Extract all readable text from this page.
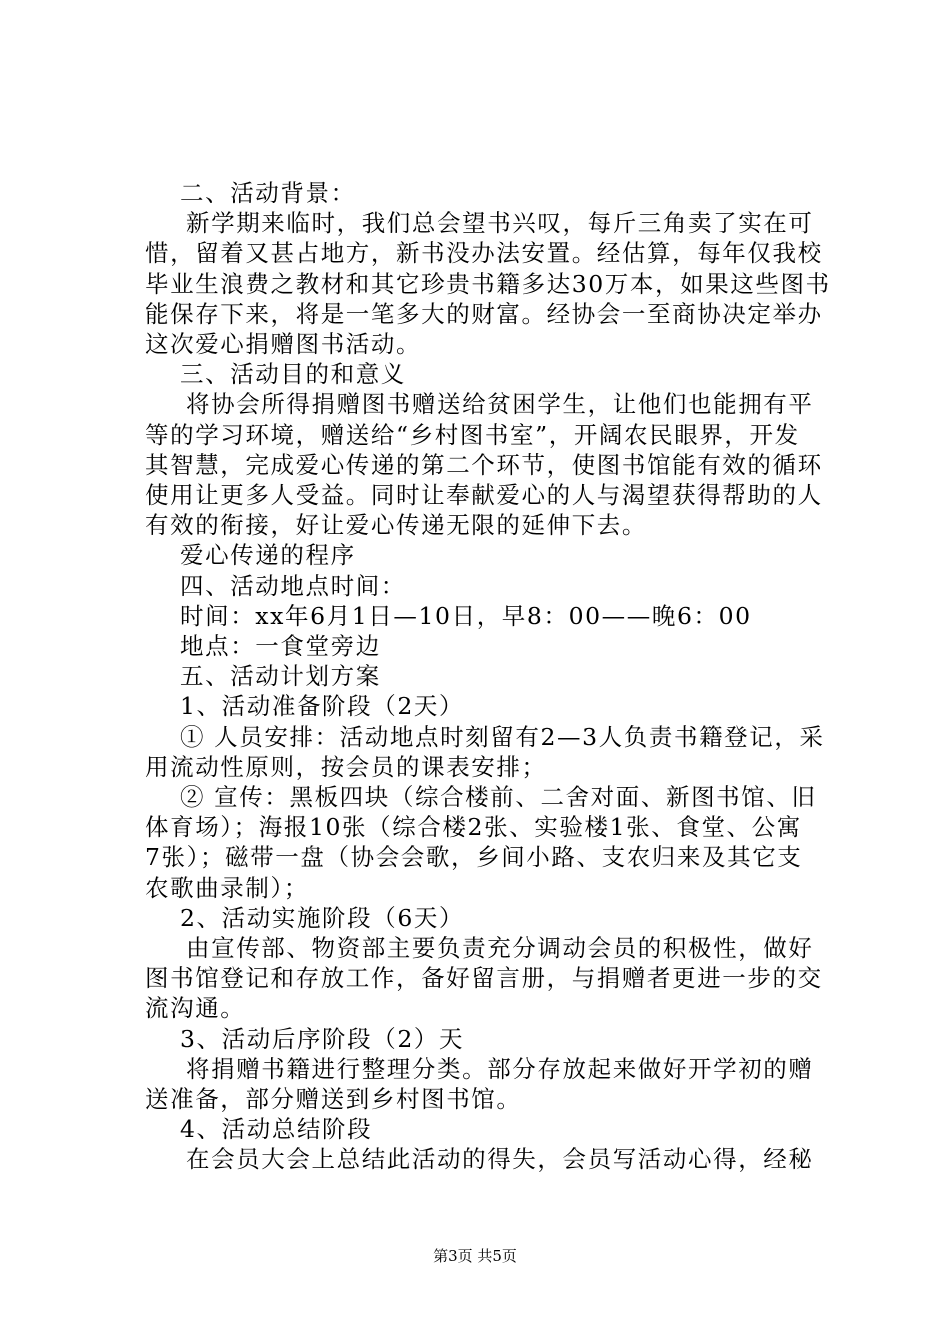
二、活动背景：
新学期来临时，我们总会望书兴叹，每斤三角卖了实在可
惜，留着又甚占地方，新书没办法安置。经估算，每年仅我校
毕业生浪费之教材和其它珍贵书籍多达30万本，如果这些图书
能保存下来，将是一笔多大的财富。经协会一至商协决定举办
这次爱心捐赠图书活动。
三、活动目的和意义
将协会所得捐赠图书赠送给贫困学生，让他们也能拥有平
等的学习环境，赠送给“乡村图书室”，开阔农民眼界，开发
其智慧，完成爱心传递的第二个环节，使图书馆能有效的循环
使用让更多人受益。同时让奉献爱心的人与渴望获得帮助的人
有效的衔接，好让爱心传递无限的延伸下去。
爱心传递的程序
四、活动地点时间：
时间：xx年6月1日—10日，早8：00——晚6：00
地点：一食堂旁边
五、活动计划方案
1、活动准备阶段（2天）
① 人员安排：活动地点时刻留有2—3人负责书籍登记，采
用流动性原则，按会员的课表安排；
② 宣传：黑板四块（综合楼前、二舍对面、新图书馆、旧
体育场）；海报10张（综合楼2张、实验楼1张、食堂、公寓
7张）；磁带一盘（协会会歌，乡间小路、支农归来及其它支
农歌曲录制）；
2、活动实施阶段（6天）
由宣传部、物资部主要负责充分调动会员的积极性，做好
图书馆登记和存放工作，备好留言册，与捐赠者更进一步的交
流沟通。
3、活动后序阶段（2）天
将捐赠书籍进行整理分类。部分存放起来做好开学初的赠
送准备，部分赠送到乡村图书馆。
4、活动总结阶段
在会员大会上总结此活动的得失，会员写活动心得，经秘
第3页 共5页
